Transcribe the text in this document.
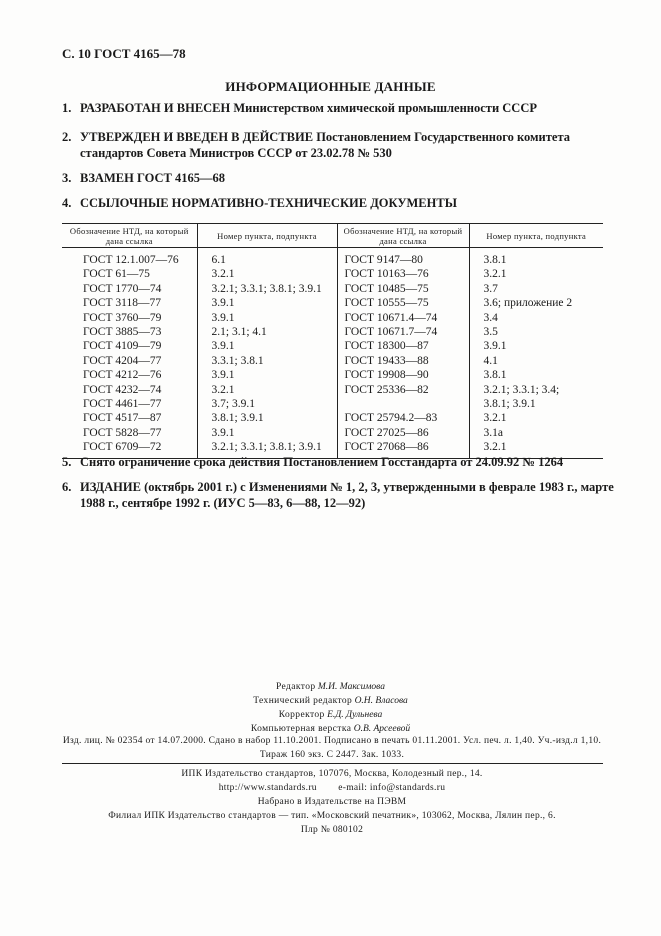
С. 10 ГОСТ 4165—78
ИНФОРМАЦИОННЫЕ ДАННЫЕ
1. РАЗРАБОТАН И ВНЕСЕН Министерством химической промышленности СССР
2. УТВЕРЖДЕН И ВВЕДЕН В ДЕЙСТВИЕ Постановлением Государственного комитета стандартов Совета Министров СССР от 23.02.78 № 530
3. ВЗАМЕН ГОСТ 4165—68
4. ССЫЛОЧНЫЕ НОРМАТИВНО-ТЕХНИЧЕСКИЕ ДОКУМЕНТЫ
Обозначение НТД, на который дана ссылка	Номер пункта, подпункта	Обозначение НТД, на который дана ссылка	Номер пункта, подпункта
ГОСТ 12.1.007—76	6.1	ГОСТ 9147—80	3.8.1
ГОСТ 61—75	3.2.1	ГОСТ 10163—76	3.2.1
ГОСТ 1770—74	3.2.1; 3.3.1; 3.8.1; 3.9.1	ГОСТ 10485—75	3.7
ГОСТ 3118—77	3.9.1	ГОСТ 10555—75	3.6; приложение 2
ГОСТ 3760—79	3.9.1	ГОСТ 10671.4—74	3.4
ГОСТ 3885—73	2.1; 3.1; 4.1	ГОСТ 10671.7—74	3.5
ГОСТ 4109—79	3.9.1	ГОСТ 18300—87	3.9.1
ГОСТ 4204—77	3.3.1; 3.8.1	ГОСТ 19433—88	4.1
ГОСТ 4212—76	3.9.1	ГОСТ 19908—90	3.8.1
ГОСТ 4232—74	3.2.1	ГОСТ 25336—82	3.2.1; 3.3.1; 3.4;
ГОСТ 4461—77	3.7; 3.9.1		3.8.1; 3.9.1
ГОСТ 4517—87	3.8.1; 3.9.1	ГОСТ 25794.2—83	3.2.1
ГОСТ 5828—77	3.9.1	ГОСТ 27025—86	3.1а
ГОСТ 6709—72	3.2.1; 3.3.1; 3.8.1; 3.9.1	ГОСТ 27068—86	3.2.1
5. Снято ограничение срока действия Постановлением Госстандарта от 24.09.92 № 1264
6. ИЗДАНИЕ (октябрь 2001 г.) с Изменениями № 1, 2, 3, утвержденными в феврале 1983 г., марте 1988 г., сентябре 1992 г. (ИУС 5—83, 6—88, 12—92)
Редактор М.И. Максимова
Технический редактор О.Н. Власова
Корректор Е.Д. Дульнева
Компьютерная верстка О.В. Арсеевой
Изд. лиц. № 02354 от 14.07.2000. Сдано в набор 11.10.2001. Подписано в печать 01.11.2001. Усл. печ. л. 1,40. Уч.-изд.л 1,10.
Тираж 160 экз. С 2447. Зак. 1033.
ИПК Издательство стандартов, 107076, Москва, Колодезный пер., 14.
http://www.standards.ru        e-mail: info@standards.ru
Набрано в Издательстве на ПЭВМ
Филиал ИПК Издательство стандартов — тип. «Московский печатник», 103062, Москва, Лялин пер., 6.
Плр № 080102
